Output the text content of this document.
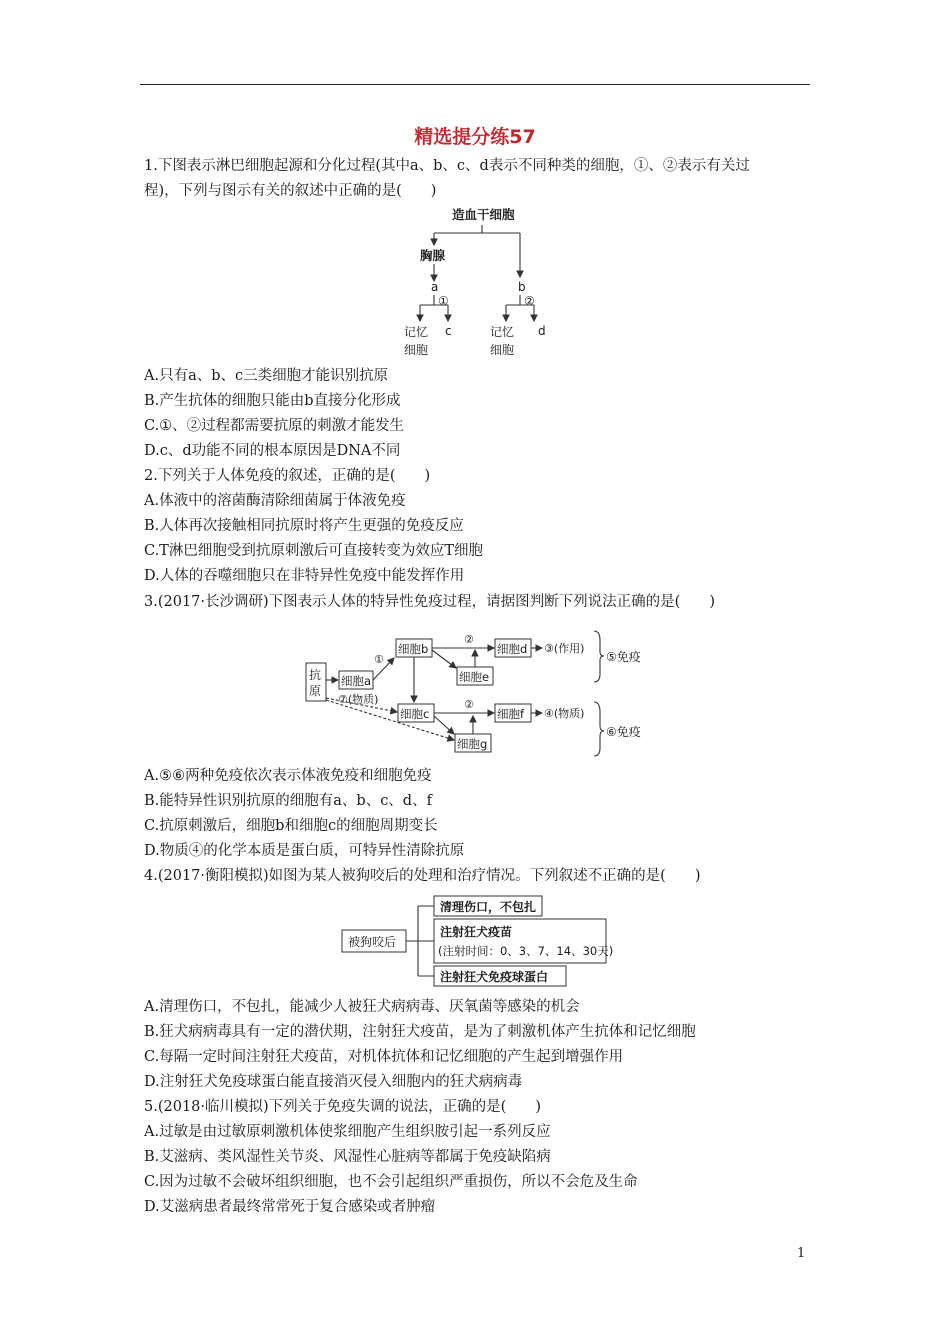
精选提分练57
1.下图表示淋巴细胞起源和分化过程(其中a、b、c、d表示不同种类的细胞，①、②表示有关过
程)，下列与图示有关的叙述中正确的是(　　)
造血干细胞
胸腺
a	b
①	②
记忆
细胞
c	记忆
细胞
d
A.只有a、b、c三类细胞才能识别抗原
B.产生抗体的细胞只能由b直接分化形成
C.①、②过程都需要抗原的刺激才能发生
D.c、d功能不同的根本原因是DNA不同
2.下列关于人体免疫的叙述，正确的是(　　)
A.体液中的溶菌酶清除细菌属于体液免疫
B.人体再次接触相同抗原时将产生更强的免疫反应
C.T淋巴细胞受到抗原刺激后可直接转变为效应T细胞
D.人体的吞噬细胞只在非特异性免疫中能发挥作用
3.(2017·长沙调研)下图表示人体的特异性免疫过程，请据图判断下列说法正确的是(　　)
抗
原
细胞a
①
细胞b
②
细胞d ③(作用)
细胞e
⑤免疫
⑦(物质)
细胞c
②
细胞f ④(物质)
细胞g
⑥免疫
A.⑤⑥两种免疫依次表示体液免疫和细胞免疫
B.能特异性识别抗原的细胞有a、b、c、d、f
C.抗原刺激后，细胞b和细胞c的细胞周期变长
D.物质④的化学本质是蛋白质，可特异性清除抗原
4.(2017·衡阳模拟)如图为某人被狗咬后的处理和治疗情况。下列叙述不正确的是(　　)
被狗咬后
清理伤口，不包扎
注射狂犬疫苗
(注射时间：0、3、7、14、30天)
注射狂犬免疫球蛋白
A.清理伤口，不包扎，能减少人被狂犬病病毒、厌氧菌等感染的机会
B.狂犬病病毒具有一定的潜伏期，注射狂犬疫苗，是为了刺激机体产生抗体和记忆细胞
C.每隔一定时间注射狂犬疫苗，对机体抗体和记忆细胞的产生起到增强作用
D.注射狂犬免疫球蛋白能直接消灭侵入细胞内的狂犬病病毒
5.(2018·临川模拟)下列关于免疫失调的说法，正确的是(　　)
A.过敏是由过敏原刺激机体使浆细胞产生组织胺引起一系列反应
B.艾滋病、类风湿性关节炎、风湿性心脏病等都属于免疫缺陷病
C.因为过敏不会破坏组织细胞，也不会引起组织严重损伤，所以不会危及生命
D.艾滋病患者最终常常死于复合感染或者肿瘤
1
